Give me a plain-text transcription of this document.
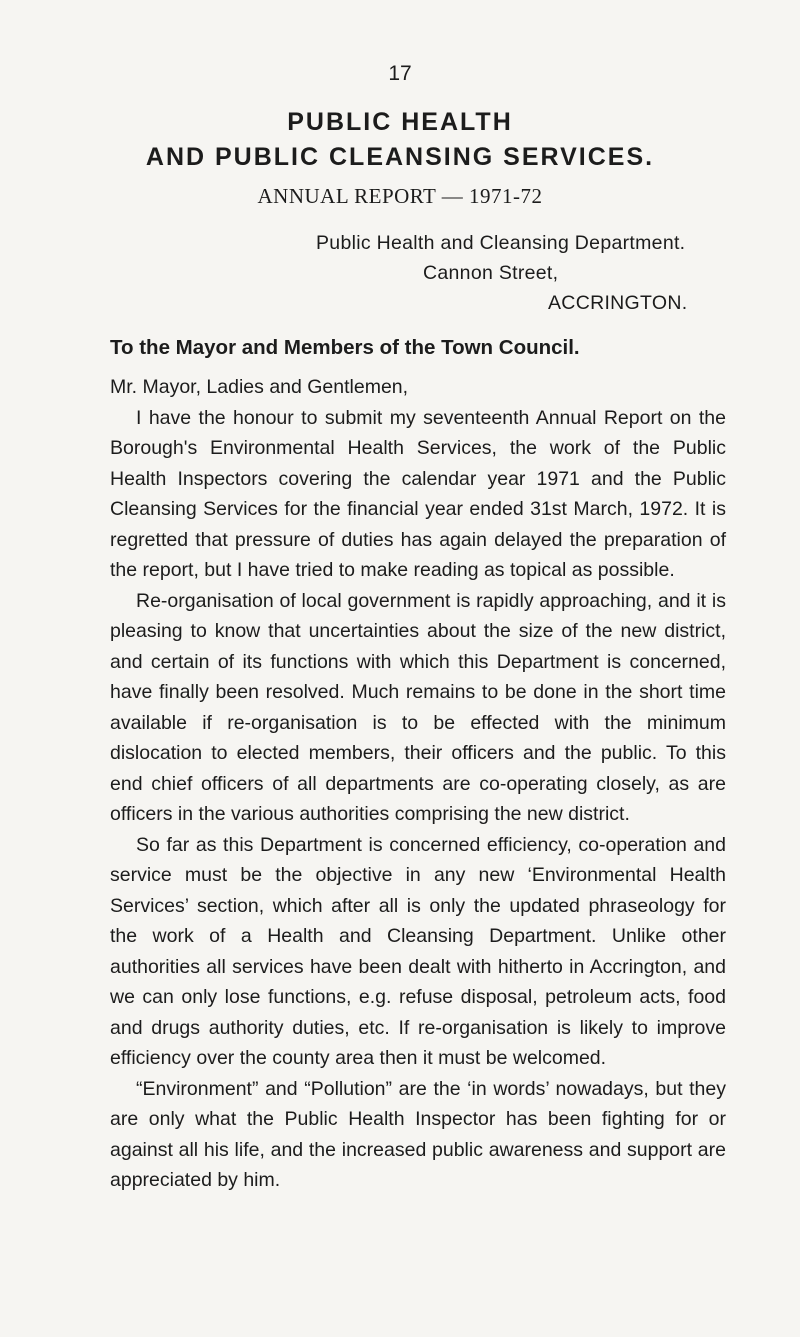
17
PUBLIC HEALTH
AND PUBLIC CLEANSING SERVICES.
ANNUAL REPORT — 1971-72
Public Health and Cleansing Department.
Cannon Street,
ACCRINGTON.
To the Mayor and Members of the Town Council.

Mr. Mayor, Ladies and Gentlemen,

I have the honour to submit my seventeenth Annual Report on the Borough's Environmental Health Services, the work of the Public Health Inspectors covering the calendar year 1971 and the Public Cleansing Services for the financial year ended 31st March, 1972. It is regretted that pressure of duties has again delayed the preparation of the report, but I have tried to make reading as topical as possible.

Re-organisation of local government is rapidly approaching, and it is pleasing to know that uncertainties about the size of the new district, and certain of its functions with which this Department is concerned, have finally been resolved. Much remains to be done in the short time available if re-organisation is to be effected with the minimum dislocation to elected members, their officers and the public. To this end chief officers of all departments are co-operating closely, as are officers in the various authorities comprising the new district.

So far as this Department is concerned efficiency, co-operation and service must be the objective in any new ‘Environmental Health Services’ section, which after all is only the updated phraseology for the work of a Health and Cleansing Department. Unlike other authorities all services have been dealt with hitherto in Accrington, and we can only lose functions, e.g. refuse disposal, petroleum acts, food and drugs authority duties, etc. If re-organisation is likely to improve efficiency over the county area then it must be welcomed.

“Environment” and “Pollution” are the ‘in words’ nowadays, but they are only what the Public Health Inspector has been fighting for or against all his life, and the increased public awareness and support are appreciated by him.
